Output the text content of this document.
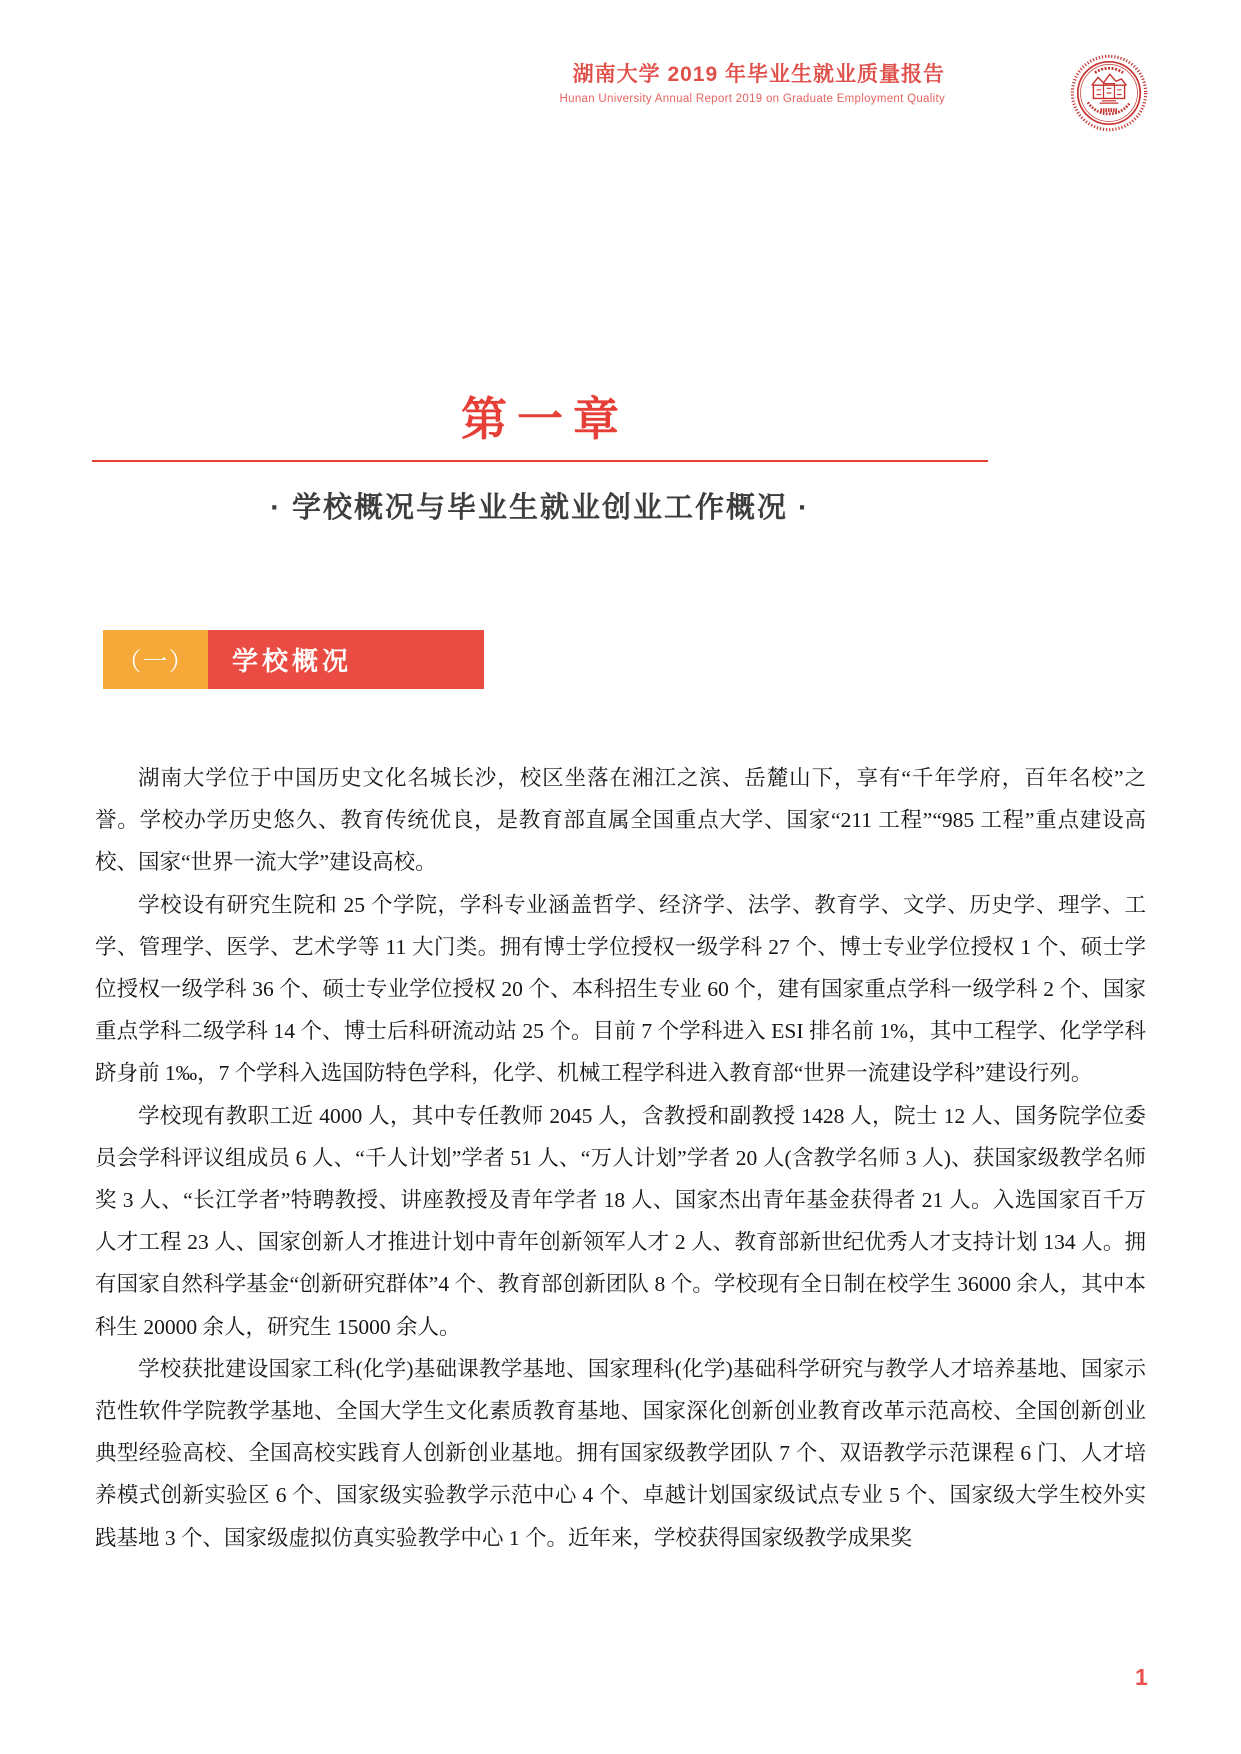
湖南大学 2019 年毕业生就业质量报告
Hunan University Annual Report 2019 on Graduate Employment Quality
第一章
· 学校概况与毕业生就业创业工作概况 ·
（一）	学校概况

湖南大学位于中国历史文化名城长沙，校区坐落在湘江之滨、岳麓山下，享有“千年学府，百年名校”之誉。学校办学历史悠久、教育传统优良，是教育部直属全国重点大学、国家“211 工程”“985 工程”重点建设高校、国家“世界一流大学”建设高校。

学校设有研究生院和 25 个学院，学科专业涵盖哲学、经济学、法学、教育学、文学、历史学、理学、工学、管理学、医学、艺术学等 11 大门类。拥有博士学位授权一级学科 27 个、博士专业学位授权 1 个、硕士学位授权一级学科 36 个、硕士专业学位授权 20 个、本科招生专业 60 个，建有国家重点学科一级学科 2 个、国家重点学科二级学科 14 个、博士后科研流动站 25 个。目前 7 个学科进入 ESI 排名前 1%，其中工程学、化学学科跻身前 1‰，7 个学科入选国防特色学科，化学、机械工程学科进入教育部“世界一流建设学科”建设行列。

学校现有教职工近 4000 人，其中专任教师 2045 人，含教授和副教授 1428 人，院士 12 人、国务院学位委员会学科评议组成员 6 人、“千人计划”学者 51 人、“万人计划”学者 20 人(含教学名师 3 人)、获国家级教学名师奖 3 人、“长江学者”特聘教授、讲座教授及青年学者 18 人、国家杰出青年基金获得者 21 人。入选国家百千万人才工程 23 人、国家创新人才推进计划中青年创新领军人才 2 人、教育部新世纪优秀人才支持计划 134 人。拥有国家自然科学基金“创新研究群体”4 个、教育部创新团队 8 个。学校现有全日制在校学生 36000 余人，其中本科生 20000 余人，研究生 15000 余人。

学校获批建设国家工科(化学)基础课教学基地、国家理科(化学)基础科学研究与教学人才培养基地、国家示范性软件学院教学基地、全国大学生文化素质教育基地、国家深化创新创业教育改革示范高校、全国创新创业典型经验高校、全国高校实践育人创新创业基地。拥有国家级教学团队 7 个、双语教学示范课程 6 门、人才培养模式创新实验区 6 个、国家级实验教学示范中心 4 个、卓越计划国家级试点专业 5 个、国家级大学生校外实践基地 3 个、国家级虚拟仿真实验教学中心 1 个。近年来，学校获得国家级教学成果奖

1
